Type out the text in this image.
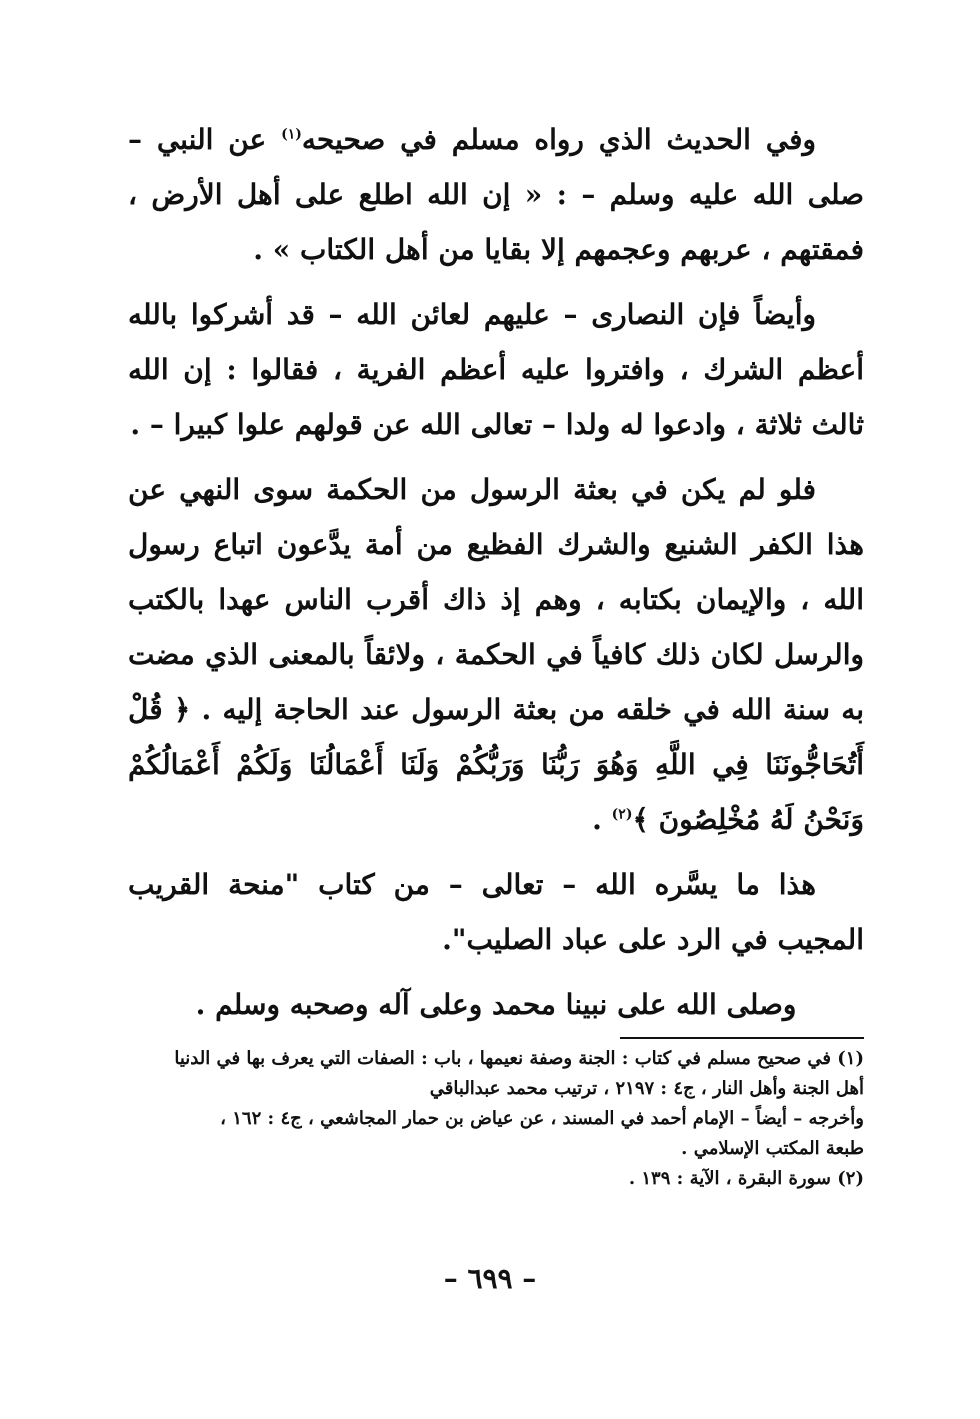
وفي الحديث الذي رواه مسلم في صحيحه$^{(١)}$ عن النبي – صلى الله عليه وسلم – : « إن الله اطلع على أهل الأرض ، فمقتهم ، عربهم وعجمهم إلا بقايا من أهل الكتاب » .

وأيضاً فإن النصارى – عليهم لعائن الله – قد أشركوا بالله أعظم الشرك ، وافتروا عليه أعظم الفرية ، فقالوا : إن الله ثالث ثلاثة ، وادعوا له ولدا – تعالى الله عن قولهم علوا كبيرا – .

فلو لم يكن في بعثة الرسول من الحكمة سوى النهي عن هذا الكفر الشنيع والشرك الفظيع من أمة يدَّعون اتباع رسول الله ، والإيمان بكتابه ، وهم إذ ذاك أقرب الناس عهدا بالكتب والرسل لكان ذلك كافياً في الحكمة ، ولائقاً بالمعنى الذي مضت به سنة الله في خلقه من بعثة الرسول عند الحاجة إليه . ﴿ قُلْ أَتُحَاجُّونَنَا فِي اللَّهِ وَهُوَ رَبُّنَا وَرَبُّكُمْ وَلَنَا أَعْمَالُنَا وَلَكُمْ أَعْمَالُكُمْ وَنَحْنُ لَهُ مُخْلِصُونَ ﴾$^{(٢)}$ .

هذا ما يسَّره الله – تعالى – من كتاب "منحة القريب المجيب في الرد على عباد الصليب".

وصلى الله على نبينا محمد وعلى آله وصحبه وسلم .

(١) في صحيح مسلم في كتاب : الجنة وصفة نعيمها ، باب : الصفات التي يعرف بها في الدنيا

أهل الجنة وأهل النار ، ج٤ : ٢١٩٧ ، ترتيب محمد عبدالباقي

وأخرجه – أيضاً – الإمام أحمد في المسند ، عن عياض بن حمار المجاشعي ، ج٤ : ١٦٢ ،

طبعة المكتب الإسلامي .

(٢) سورة البقرة ، الآية : ١٣٩ .

– ٦٩٩ –
